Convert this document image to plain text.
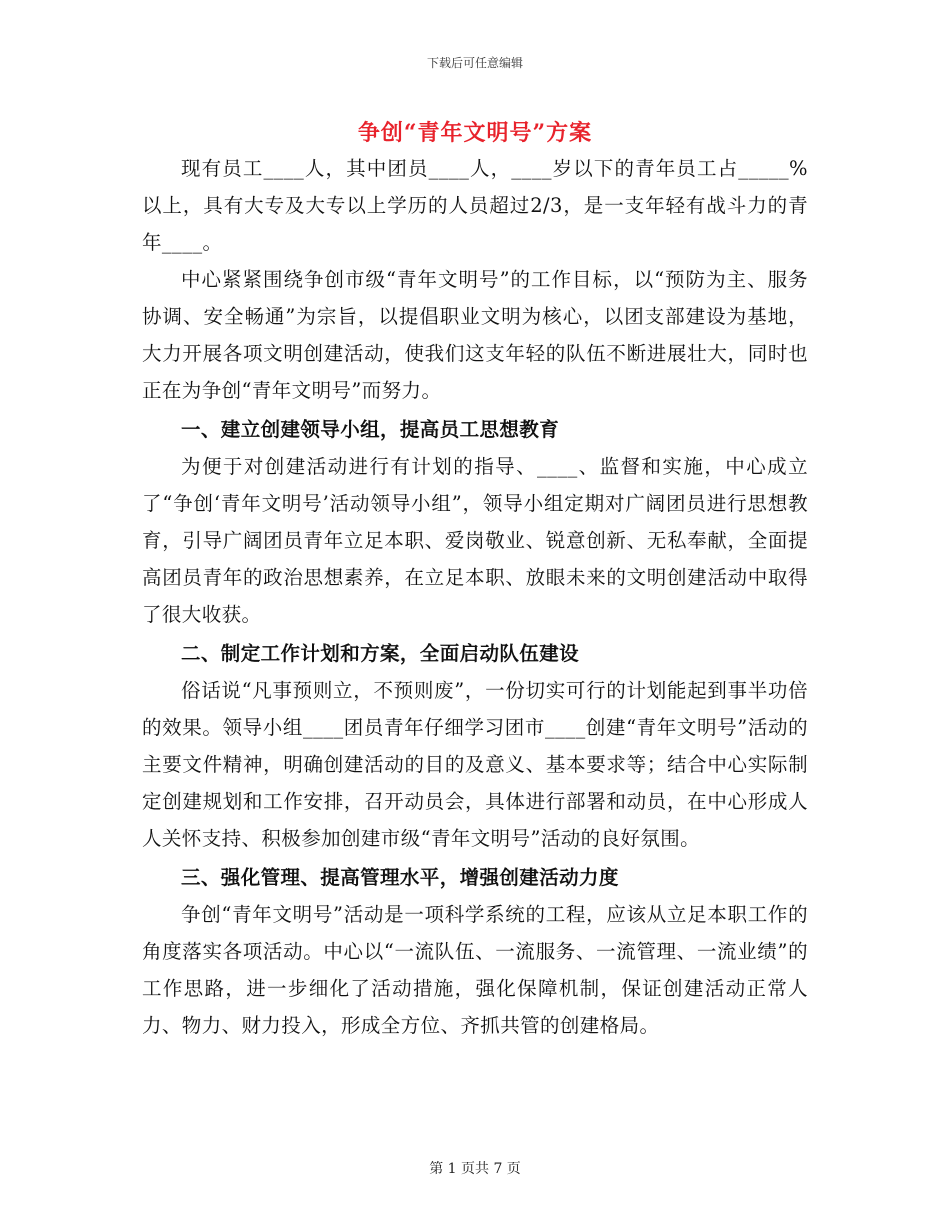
下载后可任意编辑
争创“青年文明号”方案

现有员工____人，其中团员____人，____岁以下的青年员工占_____%以上，具有大专及大专以上学历的人员超过2/3，是一支年轻有战斗力的青年____。

中心紧紧围绕争创市级“青年文明号”的工作目标，以“预防为主、服务协调、安全畅通”为宗旨，以提倡职业文明为核心，以团支部建设为基地，大力开展各项文明创建活动，使我们这支年轻的队伍不断进展壮大，同时也正在为争创“青年文明号”而努力。

一、建立创建领导小组，提高员工思想教育

为便于对创建活动进行有计划的指导、____、监督和实施，中心成立了“争创‘青年文明号’活动领导小组”，领导小组定期对广阔团员进行思想教育，引导广阔团员青年立足本职、爱岗敬业、锐意创新、无私奉献，全面提高团员青年的政治思想素养，在立足本职、放眼未来的文明创建活动中取得了很大收获。

二、制定工作计划和方案，全面启动队伍建设

俗话说“凡事预则立，不预则废”，一份切实可行的计划能起到事半功倍的效果。领导小组____团员青年仔细学习团市____创建“青年文明号”活动的主要文件精神，明确创建活动的目的及意义、基本要求等；结合中心实际制定创建规划和工作安排，召开动员会，具体进行部署和动员，在中心形成人人关怀支持、积极参加创建市级“青年文明号”活动的良好氛围。

三、强化管理、提高管理水平，增强创建活动力度

争创“青年文明号”活动是一项科学系统的工程，应该从立足本职工作的角度落实各项活动。中心以“一流队伍、一流服务、一流管理、一流业绩”的工作思路，进一步细化了活动措施，强化保障机制，保证创建活动正常人力、物力、财力投入，形成全方位、齐抓共管的创建格局。

第 1 页共 7 页
